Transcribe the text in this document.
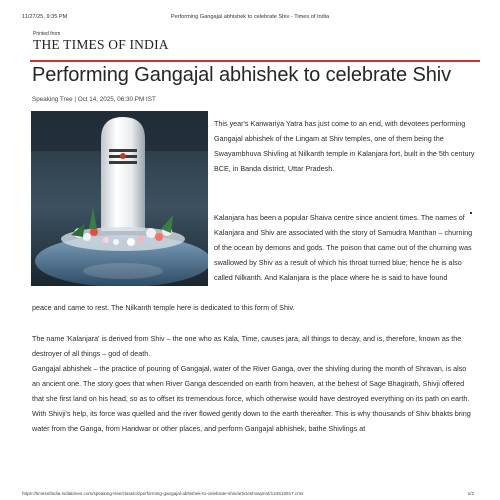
11/27/25, 9:35 PM	Performing Gangajal abhishek to celebrate Shiv - Times of India
Printed from
THE TIMES OF INDIA
Performing Gangajal abhishek to celebrate Shiv
Speaking Tree | Oct 14, 2025, 06:30 PM IST
This year's Kanwariya Yatra has just come to an end, with devotees performing Gangajal abhishek of the Lingam at Shiv temples, one of them being the Swayambhuva Shivling at Nilkanth temple in Kalanjara fort, built in the 5th century BCE, in Banda district, Uttar Pradesh.
Kalanjara has been a popular Shaiva centre since ancient times. The names of Kalanjara and Shiv are associated with the story of Samudra Manthan – churning of the ocean by demons and gods. The poison that came out of the churning was swallowed by Shiv as a result of which his throat turned blue; hence he is also called Nilkanth. And Kalanjara is the place where he is said to have found
peace and came to rest. The Nilkanth temple here is dedicated to this form of Shiv.
The name 'Kalanjara' is derived from Shiv – the one who as Kala, Time, causes jara, all things to decay, and is, therefore, known as the destroyer of all things – god of death.
Gangajal abhishek – the practice of pouring of Gangajal, water of the River Ganga, over the shivling during the month of Shravan, is also an ancient one. The story goes that when River Ganga descended on earth from heaven, at the behest of Sage Bhagirath, Shivji offered that she first land on his head, so as to offset its tremendous force, which otherwise would have destroyed everything on its path on earth. With Shivji's help, its force was quelled and the river flowed gently down to the earth thereafter. This is why thousands of Shiv bhakts bring water from the Ganga, from Haridwar or other places, and perform Gangajal abhishek, bathe Shivlings at
https://timesofindia.indiatimes.com/speaking-tree/classics/performing-gangajal-abhishek-to-celebrate-shiv/articleshowprint/124510917.cms	1/2
